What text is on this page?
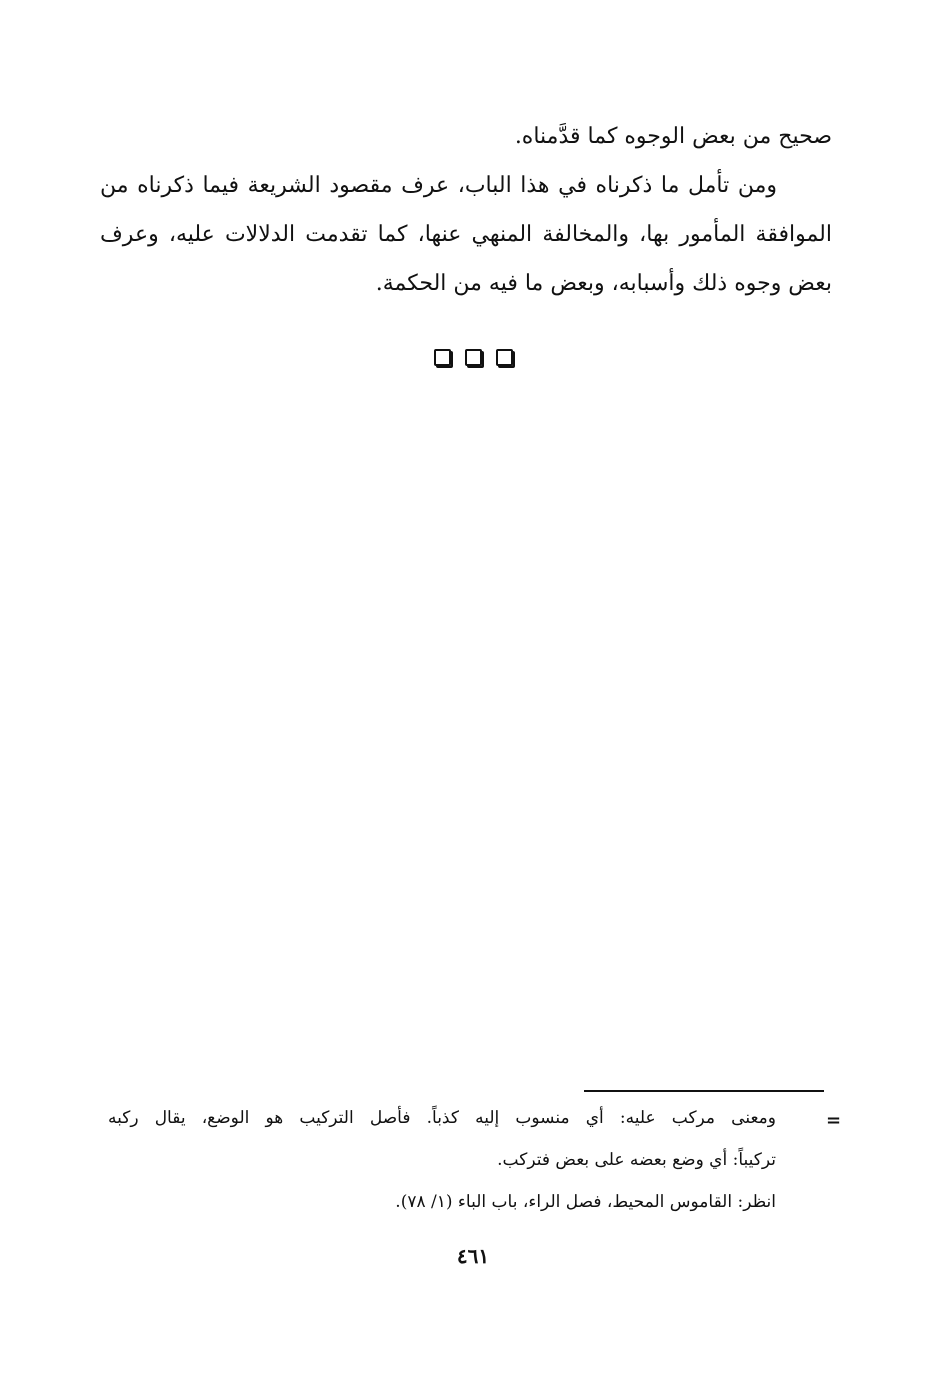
صحيح من بعض الوجوه كما قدَّمناه.

ومن تأمل ما ذكرناه في هذا الباب، عرف مقصود الشريعة فيما ذكرناه من الموافقة المأمور بها، والمخالفة المنهي عنها، كما تقدمت الدلالات عليه، وعرف بعض وجوه ذلك وأسبابه، وبعض ما فيه من الحكمة.

=

ومعنى مركب عليه: أي منسوب إليه كذباً. فأصل التركيب هو الوضع، يقال ركبه

تركيباً: أي وضع بعضه على بعض فتركب.

انظر: القاموس المحيط، فصل الراء، باب الباء (١/ ٧٨).

٤٦١
